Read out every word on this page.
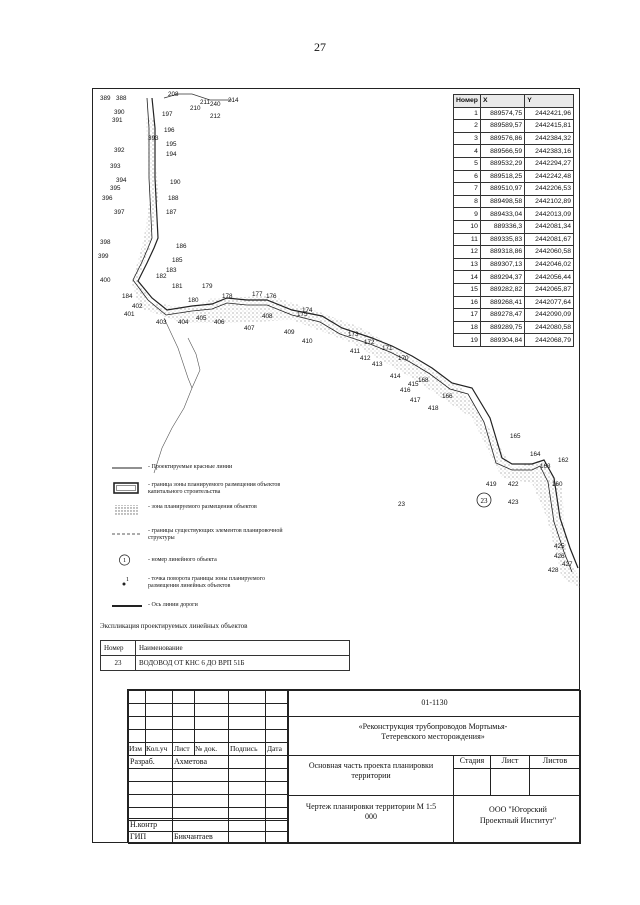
27
23
389 388
208
211
210
240
214
212
197
391
390
196
393
195
392
194
393
394	190
395
396	188
397	187
398
186
399
185
183
400
182
181
184
402
180
401
403 404
405
179
178
406
177 176
407
408
409
175
174
410
173
411
172
412
171
413
170
414
415
168
416
417
418
166
165
419
164
163
162
422	160
423
425
426
428
427
23
Номер	X	Y
1	889574,75	2442421,96
2	889589,57	2442415,81
3	889576,86	2442384,32
4	889566,59	2442383,16
5	889532,29	2442294,27
6	889518,25	2442242,48
7	889510,97	2442206,53
8	889498,58	2442102,89
9	889433,04	2442013,09
10	889336,3	2442081,34
11	889335,83	2442081,67
12	889318,86	2442060,58
13	889307,13	2442046,02
14	889294,37	2442056,44
15	889282,82	2442065,87
16	889268,41	2442077,64
17	889278,47	2442090,09
18	889289,75	2442080,58
19	889304,84	2442068,79
- Проектируемые красные линии
- граница зоны планируемого размещения объектов капитального строительства
- зона планируемого размещения объектов
- границы существующих элементов планировочной структуры
1	- номер линейного объекта
1	- точка поворота границы зоны планируемого размещения линейных объектов
- Ось линии дороги
Экспликация проектируемых линейных объектов
Номер	Наименование
23	ВОДОВОД ОТ КНС 6 ДО ВРП 51Б
Изм Кол.уч Лист № док. Подпись Дата
Разраб. Ахметова
Н.контр
ГИП	Бикчантаев
01-1130
«Реконструкция трубопроводов Мортымья-Тетеревского месторождения»
Основная часть проекта планировки территории
Стадия	Лист	Листов
Чертеж планировки территории М 1:5 000
ООО "Югорский Проектный Институт"
